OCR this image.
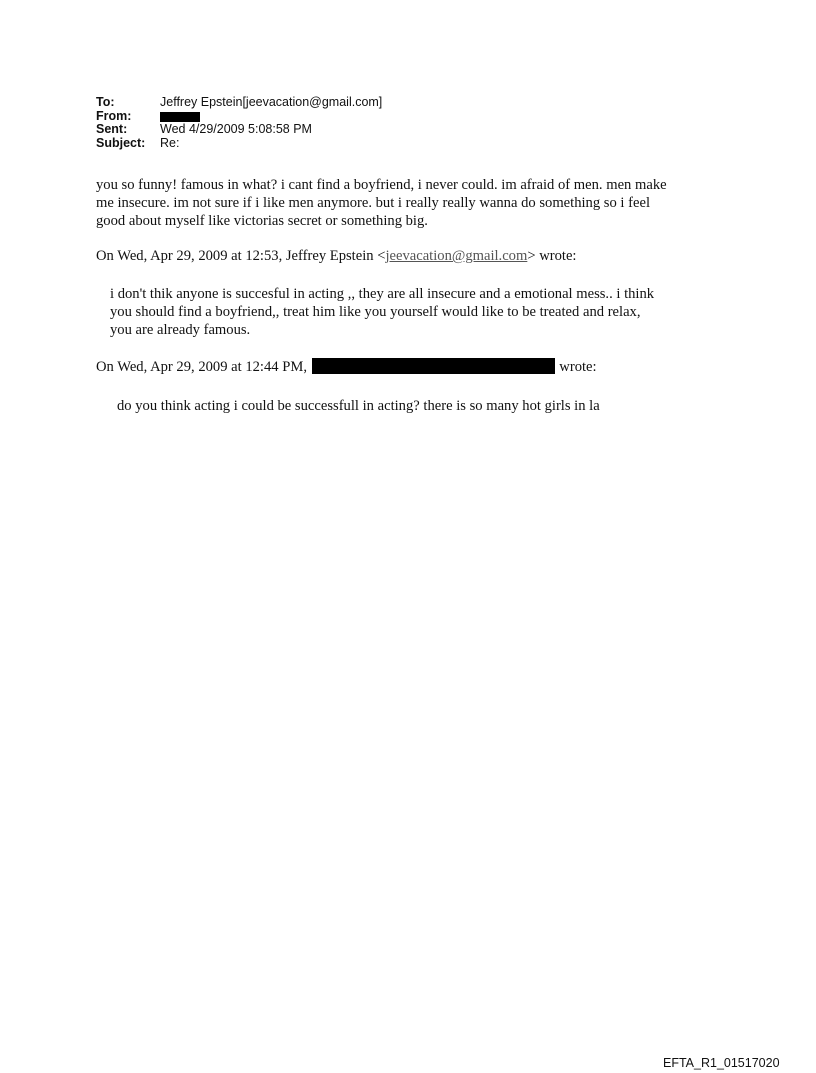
To:	Jeffrey Epstein[jeevacation@gmail.com]
From:
Sent:	Wed 4/29/2009 5:08:58 PM
Subject:	Re:
you so funny! famous in what? i cant find a boyfriend, i never could. im afraid of men. men make
me insecure. im not sure if i like men anymore. but i really really wanna do something so i feel
good about myself like victorias secret or something big.
On Wed, Apr 29, 2009 at 12:53, Jeffrey Epstein <jeevacation@gmail.com> wrote:
i don't thik anyone is succesful in acting ,, they are all insecure and a emotional mess.. i think
you should find a boyfriend,, treat him like you yourself would like to be treated and relax,
you are already famous.
On Wed, Apr 29, 2009 at 12:44 PM,	wrote:
do you think acting i could be successfull in acting? there is so many hot girls in la
EFTA_R1_01517020
